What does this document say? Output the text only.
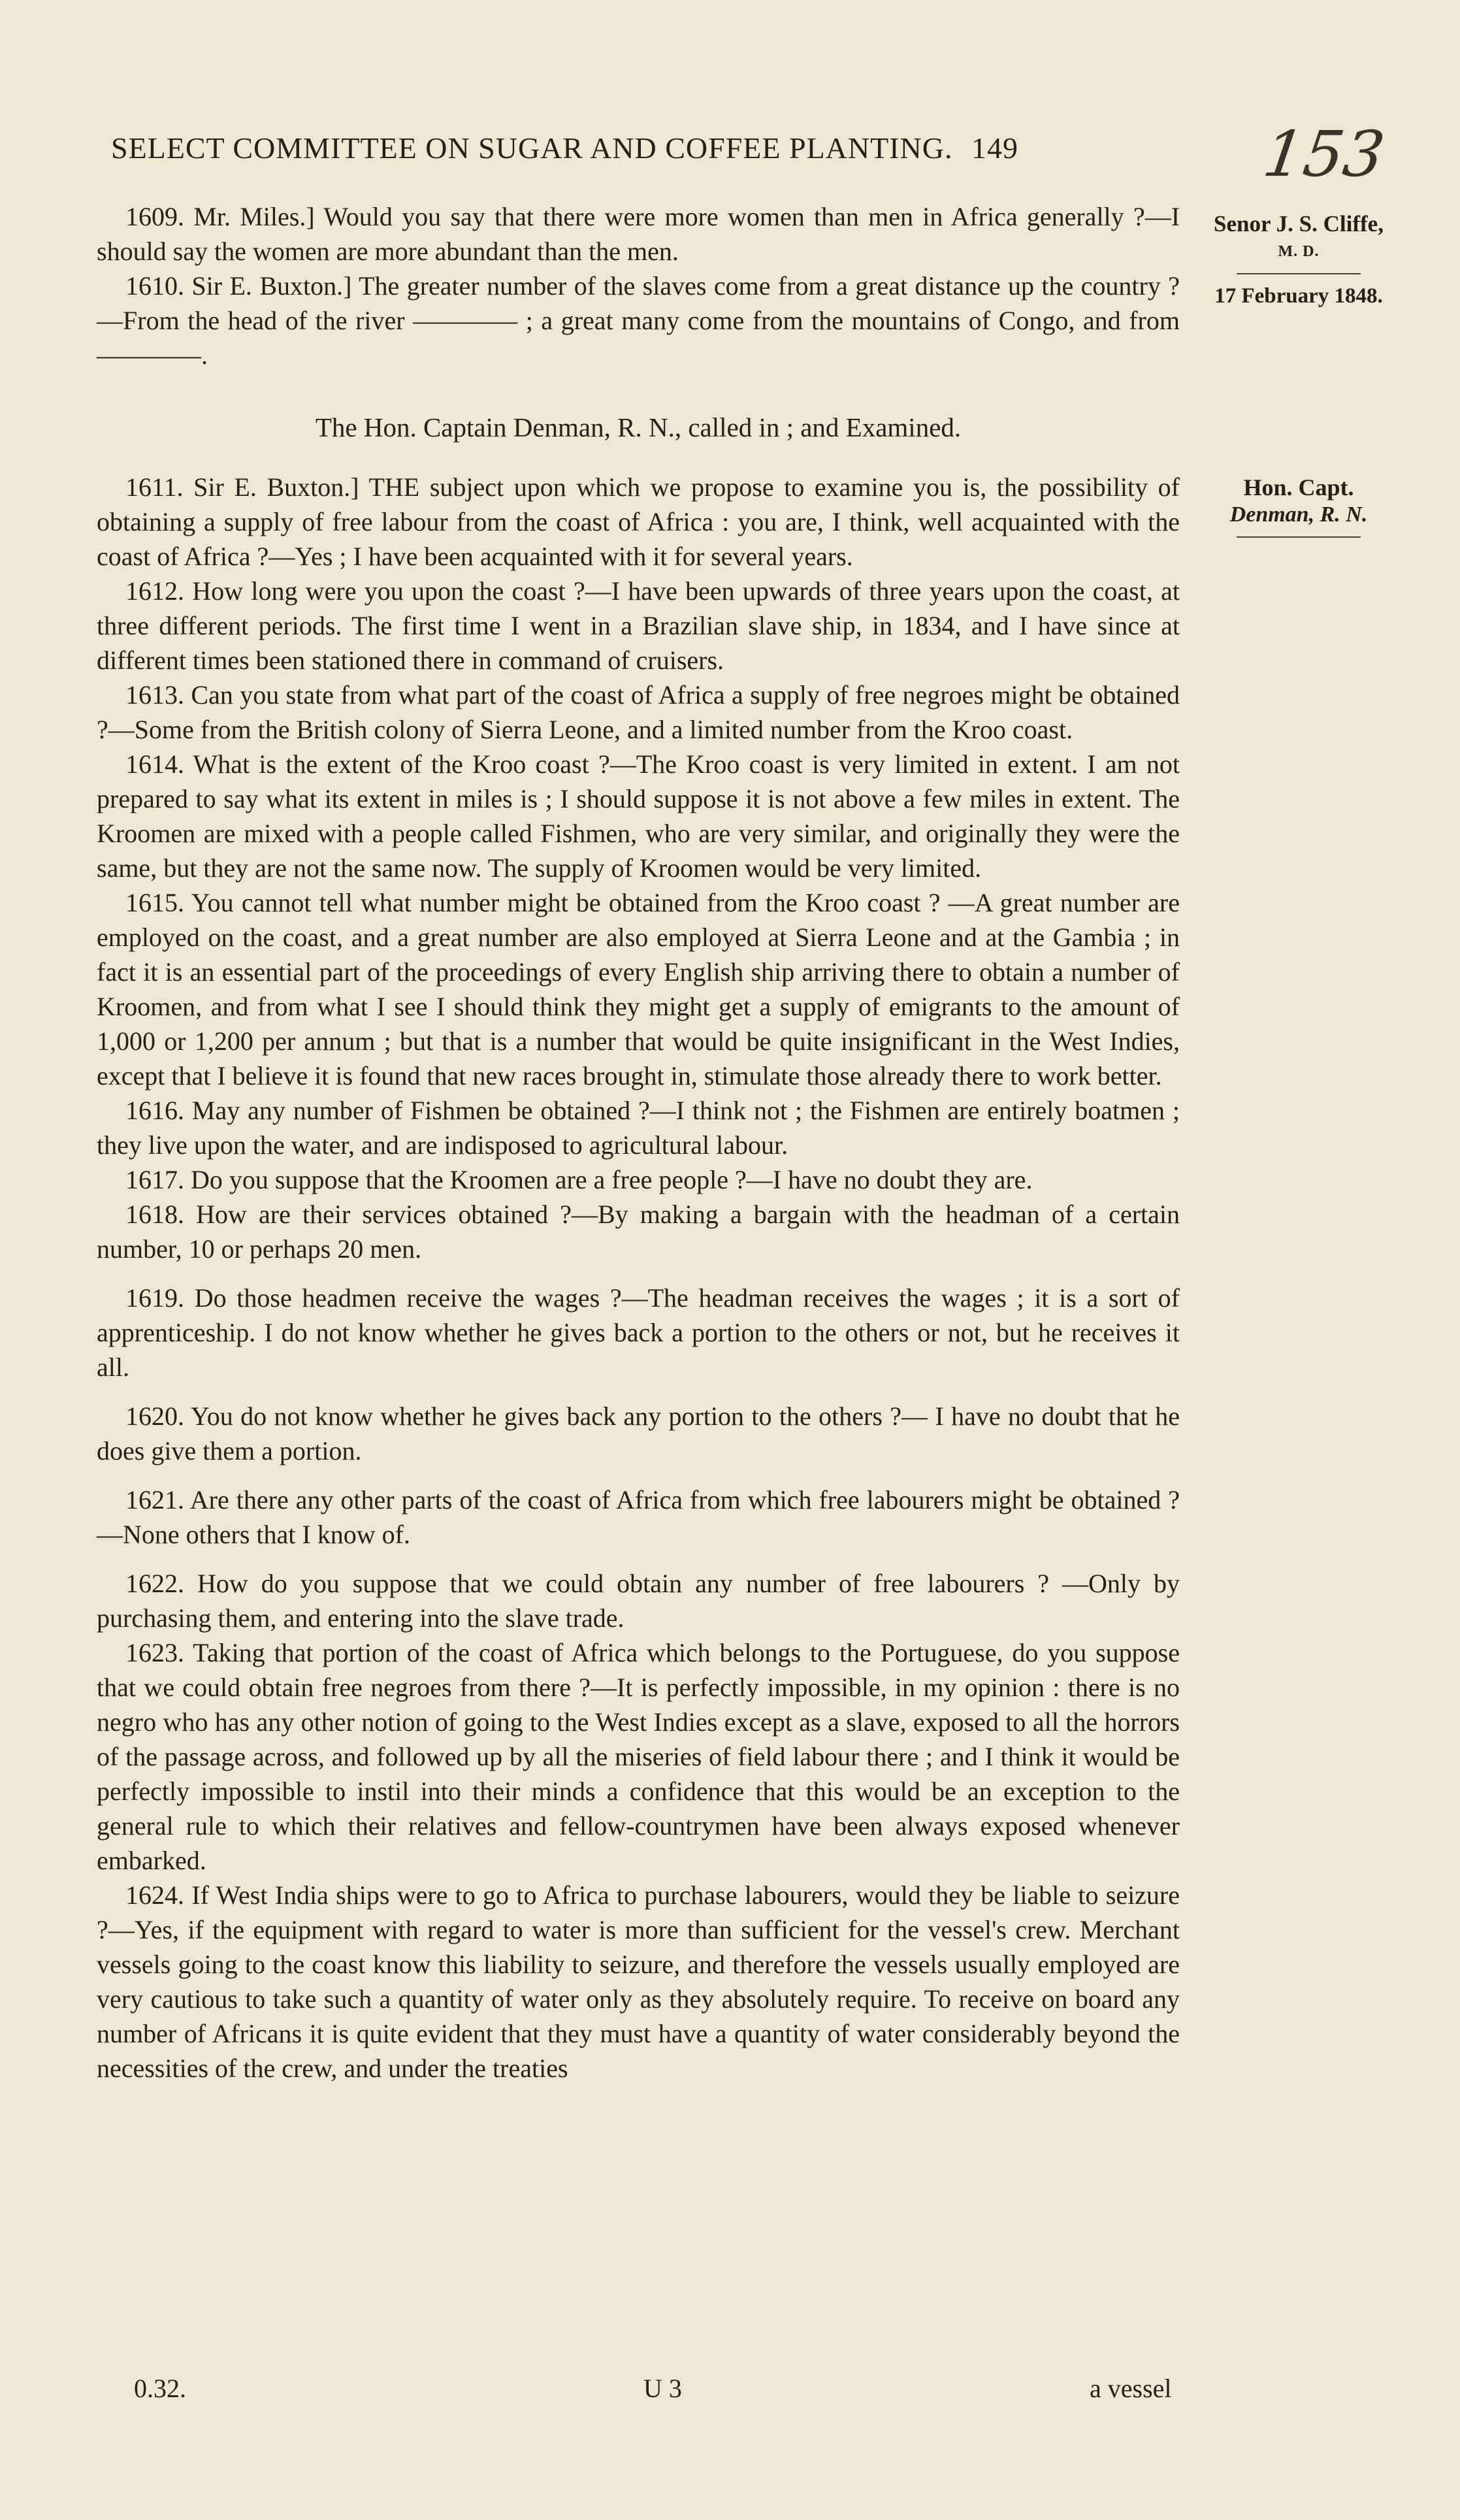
SELECT COMMITTEE ON SUGAR AND COFFEE PLANTING. 149	153
Senor J. S. Cliffe,
M. D.
17 February 1848.
Hon. Capt.
Denman, R. N.

1609. Mr. Miles.] Would you say that there were more women than men in Africa generally ?—I should say the women are more abundant than the men.

1610. Sir E. Buxton.] The greater number of the slaves come from a great distance up the country ?—From the head of the river ———— ; a great many come from the mountains of Congo, and from ————.

The Hon. Captain Denman, R. N., called in ; and Examined.

1611. Sir E. Buxton.] THE subject upon which we propose to examine you is, the possibility of obtaining a supply of free labour from the coast of Africa : you are, I think, well acquainted with the coast of Africa ?—Yes ; I have been acquainted with it for several years.

1612. How long were you upon the coast ?—I have been upwards of three years upon the coast, at three different periods. The first time I went in a Brazilian slave ship, in 1834, and I have since at different times been stationed there in command of cruisers.

1613. Can you state from what part of the coast of Africa a supply of free negroes might be obtained ?—Some from the British colony of Sierra Leone, and a limited number from the Kroo coast.

1614. What is the extent of the Kroo coast ?—The Kroo coast is very limited in extent. I am not prepared to say what its extent in miles is ; I should suppose it is not above a few miles in extent. The Kroomen are mixed with a people called Fishmen, who are very similar, and originally they were the same, but they are not the same now. The supply of Kroomen would be very limited.

1615. You cannot tell what number might be obtained from the Kroo coast ? —A great number are employed on the coast, and a great number are also employed at Sierra Leone and at the Gambia ; in fact it is an essential part of the proceedings of every English ship arriving there to obtain a number of Kroomen, and from what I see I should think they might get a supply of emigrants to the amount of 1,000 or 1,200 per annum ; but that is a number that would be quite insignificant in the West Indies, except that I believe it is found that new races brought in, stimulate those already there to work better.

1616. May any number of Fishmen be obtained ?—I think not ; the Fishmen are entirely boatmen ; they live upon the water, and are indisposed to agricultural labour.

1617. Do you suppose that the Kroomen are a free people ?—I have no doubt they are.

1618. How are their services obtained ?—By making a bargain with the headman of a certain number, 10 or perhaps 20 men.

1619. Do those headmen receive the wages ?—The headman receives the wages ; it is a sort of apprenticeship. I do not know whether he gives back a portion to the others or not, but he receives it all.

1620. You do not know whether he gives back any portion to the others ?— I have no doubt that he does give them a portion.

1621. Are there any other parts of the coast of Africa from which free labourers might be obtained ?—None others that I know of.

1622. How do you suppose that we could obtain any number of free labourers ? —Only by purchasing them, and entering into the slave trade.

1623. Taking that portion of the coast of Africa which belongs to the Portuguese, do you suppose that we could obtain free negroes from there ?—It is perfectly impossible, in my opinion : there is no negro who has any other notion of going to the West Indies except as a slave, exposed to all the horrors of the passage across, and followed up by all the miseries of field labour there ; and I think it would be perfectly impossible to instil into their minds a confidence that this would be an exception to the general rule to which their relatives and fellow-countrymen have been always exposed whenever embarked.

1624. If West India ships were to go to Africa to purchase labourers, would they be liable to seizure ?—Yes, if the equipment with regard to water is more than sufficient for the vessel's crew. Merchant vessels going to the coast know this liability to seizure, and therefore the vessels usually employed are very cautious to take such a quantity of water only as they absolutely require. To receive on board any number of Africans it is quite evident that they must have a quantity of water considerably beyond the necessities of the crew, and under the treaties

0.32.	U 3	a vessel
